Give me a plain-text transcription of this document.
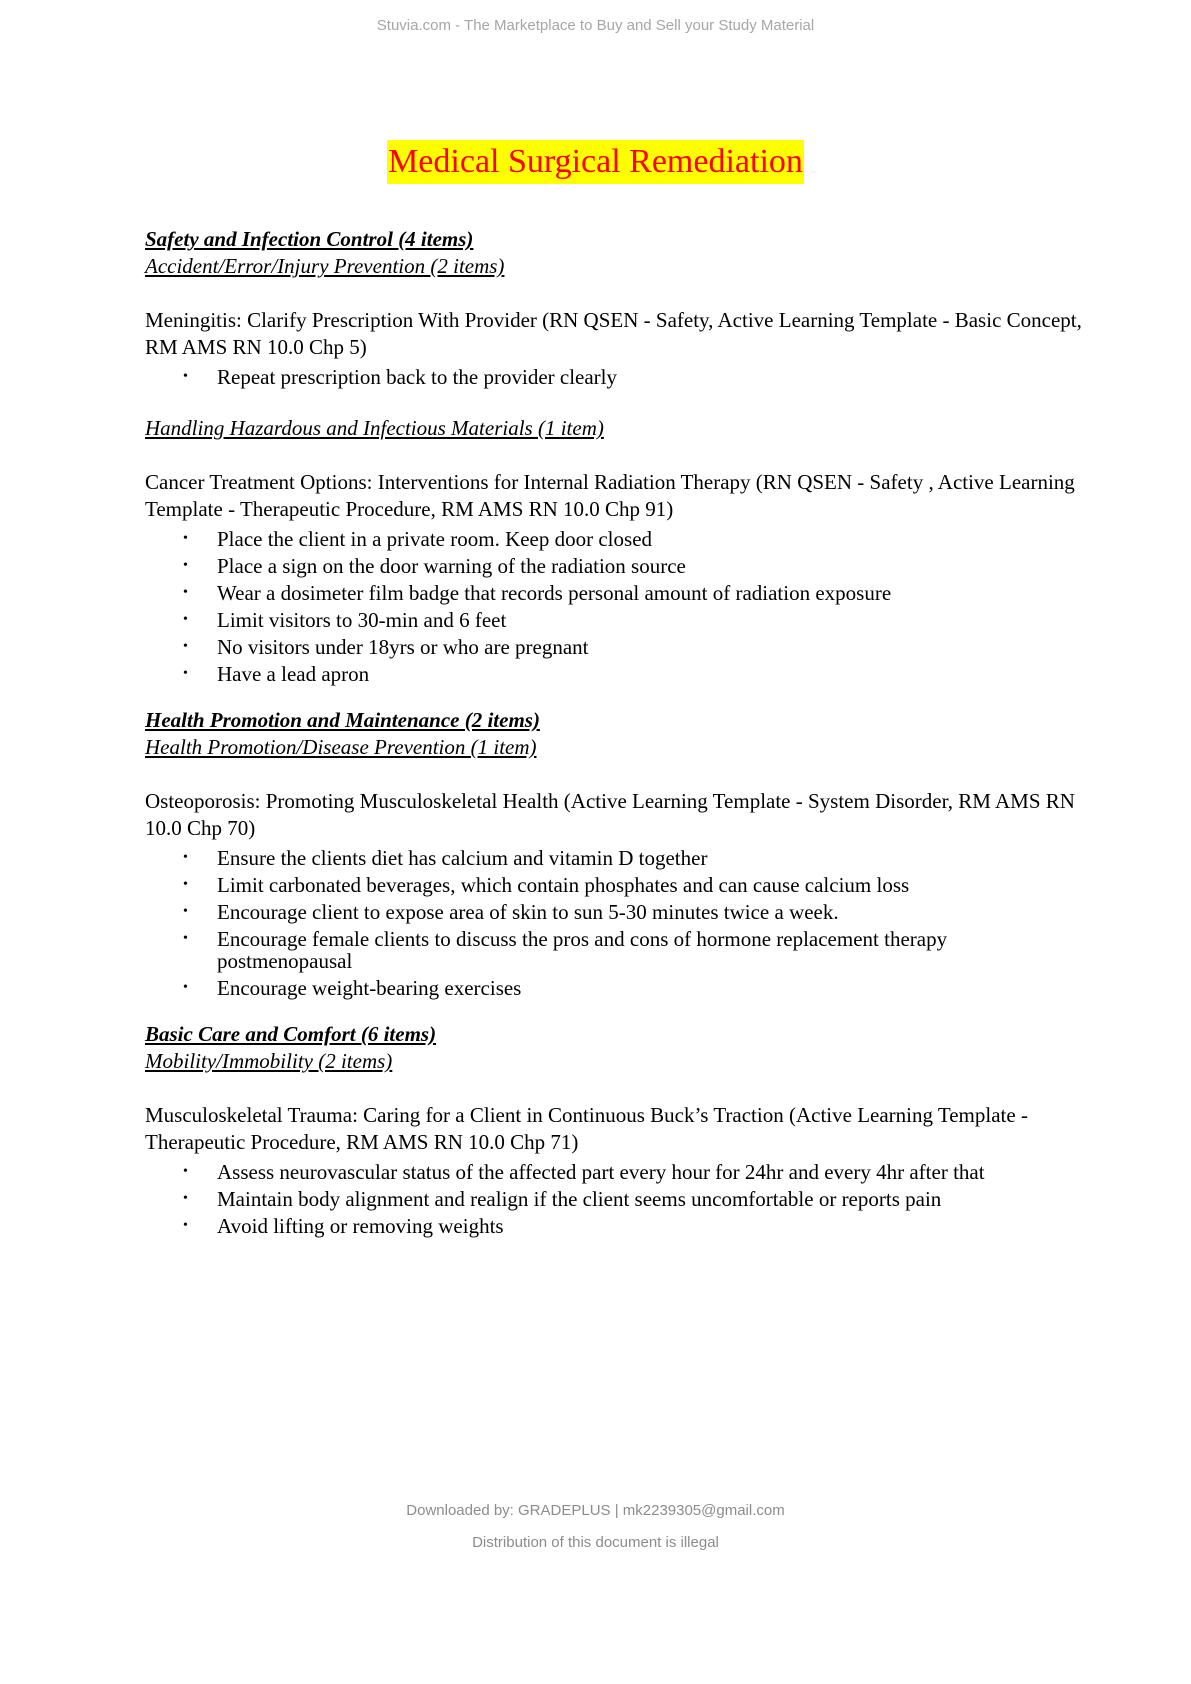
Stuvia.com - The Marketplace to Buy and Sell your Study Material
Medical Surgical Remediation
Safety and Infection Control (4 items)
Accident/Error/Injury Prevention (2 items)

Meningitis: Clarify Prescription With Provider (RN QSEN - Safety, Active Learning Template - Basic Concept, RM AMS RN 10.0 Chp 5)

• Repeat prescription back to the provider clearly
Handling Hazardous and Infectious Materials (1 item)

Cancer Treatment Options: Interventions for Internal Radiation Therapy (RN QSEN - Safety , Active Learning Template - Therapeutic Procedure, RM AMS RN 10.0 Chp 91)

• Place the client in a private room. Keep door closed
• Place a sign on the door warning of the radiation source
• Wear a dosimeter film badge that records personal amount of radiation exposure
• Limit visitors to 30-min and 6 feet
• No visitors under 18yrs or who are pregnant
• Have a lead apron
Health Promotion and Maintenance (2 items)
Health Promotion/Disease Prevention (1 item)

Osteoporosis: Promoting Musculoskeletal Health (Active Learning Template - System Disorder, RM AMS RN 10.0 Chp 70)

• Ensure the clients diet has calcium and vitamin D together
• Limit carbonated beverages, which contain phosphates and can cause calcium loss
• Encourage client to expose area of skin to sun 5-30 minutes twice a week.
• Encourage female clients to discuss the pros and cons of hormone replacement therapy postmenopausal
• Encourage weight-bearing exercises
Basic Care and Comfort (6 items)
Mobility/Immobility (2 items)

Musculoskeletal Trauma: Caring for a Client in Continuous Buck’s Traction (Active Learning Template - Therapeutic Procedure, RM AMS RN 10.0 Chp 71)

• Assess neurovascular status of the affected part every hour for 24hr and every 4hr after that
• Maintain body alignment and realign if the client seems uncomfortable or reports pain
• Avoid lifting or removing weights
Downloaded by: GRADEPLUS | mk2239305@gmail.com
Distribution of this document is illegal
